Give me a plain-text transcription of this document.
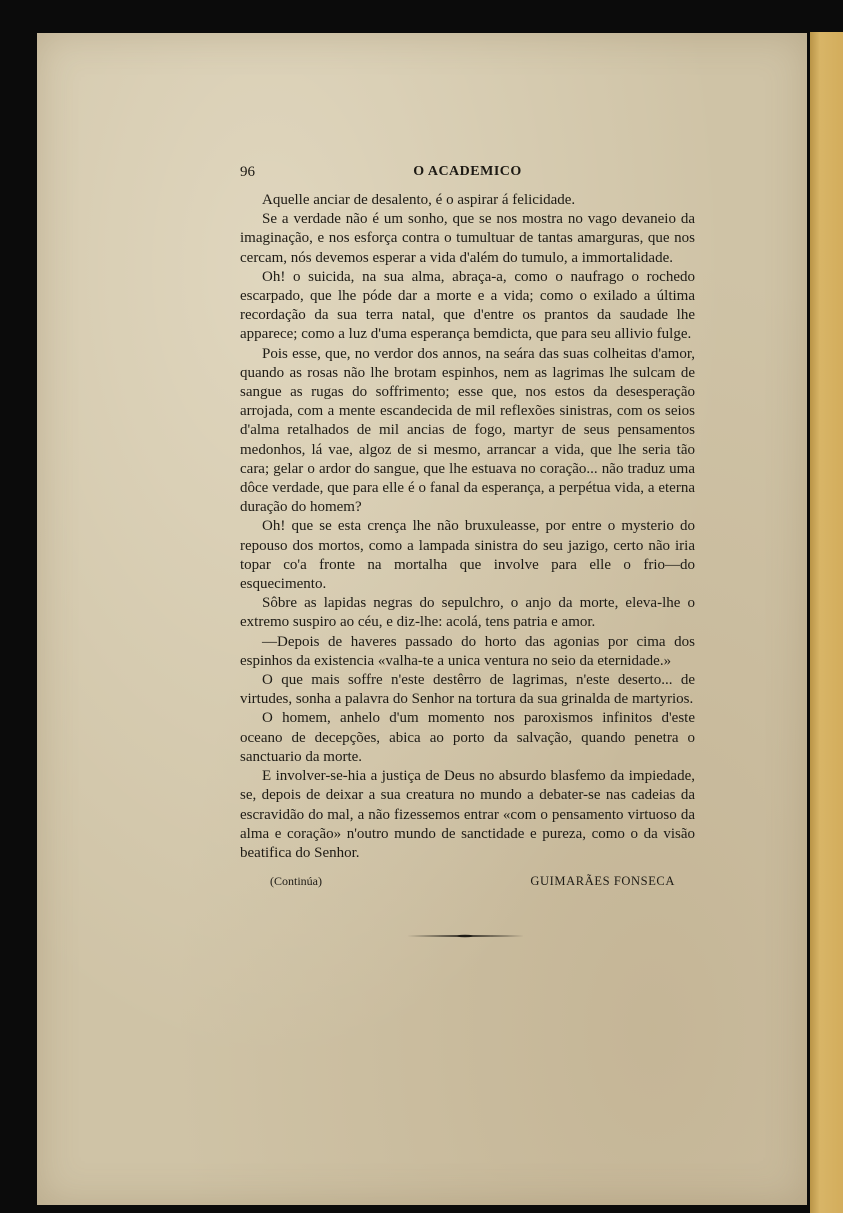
96	O ACADEMICO

Aquelle anciar de desalento, é o aspirar á felicidade.

Se a verdade não é um sonho, que se nos mostra no vago devaneio da imaginação, e nos esforça contra o tumultuar de tantas amarguras, que nos cercam, nós devemos esperar a vida d'além do tumulo, a immortalidade.

Oh! o suicida, na sua alma, abraça-a, como o naufrago o rochedo escarpado, que lhe póde dar a morte e a vida; como o exilado a última recordação da sua terra natal, que d'entre os prantos da saudade lhe apparece; como a luz d'uma esperança bemdicta, que para seu allivio fulge.

Pois esse, que, no verdor dos annos, na seára das suas colheitas d'amor, quando as rosas não lhe brotam espinhos, nem as lagrimas lhe sulcam de sangue as rugas do soffrimento; esse que, nos estos da desesperação arrojada, com a mente escandecida de mil reflexões sinistras, com os seios d'alma retalhados de mil ancias de fogo, martyr de seus pensamentos medonhos, lá vae, algoz de si mesmo, arrancar a vida, que lhe seria tão cara; gelar o ardor do sangue, que lhe estuava no coração... não traduz uma dôce verdade, que para elle é o fanal da esperança, a perpétua vida, a eterna duração do homem?

Oh! que se esta crença lhe não bruxuleasse, por entre o mysterio do repouso dos mortos, como a lampada sinistra do seu jazigo, certo não iria topar co'a fronte na mortalha que involve para elle o frio—do esquecimento.

Sôbre as lapidas negras do sepulchro, o anjo da morte, eleva-lhe o extremo suspiro ao céu, e diz-lhe: acolá, tens patria e amor.

—Depois de haveres passado do horto das agonias por cima dos espinhos da existencia «valha-te a unica ventura no seio da eternidade.»

O que mais soffre n'este destêrro de lagrimas, n'este deserto... de virtudes, sonha a palavra do Senhor na tortura da sua grinalda de martyrios.

O homem, anhelo d'um momento nos paroxismos infinitos d'este oceano de decepções, abica ao porto da salvação, quando penetra o sanctuario da morte.

E involver-se-hia a justiça de Deus no absurdo blasfemo da impiedade, se, depois de deixar a sua creatura no mundo a debater-se nas cadeias da escravidão do mal, a não fizessemos entrar «com o pensamento virtuoso da alma e coração» n'outro mundo de sanctidade e pureza, como o da visão beatifica do Senhor.

(Continúa)	GUIMARÃES FONSECA
